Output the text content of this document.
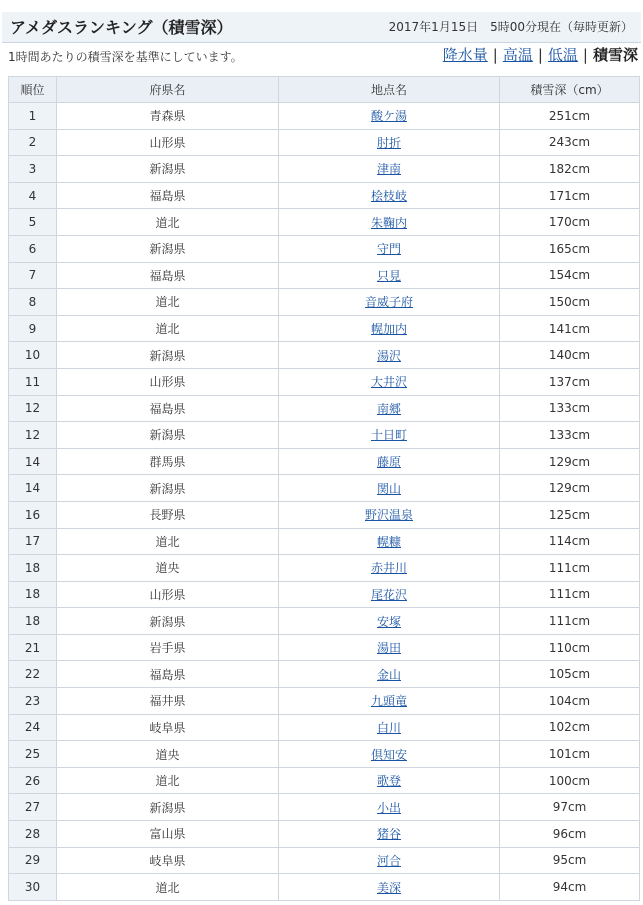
アメダスランキング（積雪深）	2017年1月15日　5時00分現在（毎時更新）
1時間あたりの積雪深を基準にしています。	降水量 | 高温 | 低温 | 積雪深
順位	府県名	地点名	積雪深（cm）
1	青森県	酸ケ湯	251cm
2	山形県	肘折	243cm
3	新潟県	津南	182cm
4	福島県	桧枝岐	171cm
5	道北	朱鞠内	170cm
6	新潟県	守門	165cm
7	福島県	只見	154cm
8	道北	音威子府	150cm
9	道北	幌加内	141cm
10	新潟県	湯沢	140cm
11	山形県	大井沢	137cm
12	福島県	南郷	133cm
12	新潟県	十日町	133cm
14	群馬県	藤原	129cm
14	新潟県	関山	129cm
16	長野県	野沢温泉	125cm
17	道北	幌糠	114cm
18	道央	赤井川	111cm
18	山形県	尾花沢	111cm
18	新潟県	安塚	111cm
21	岩手県	湯田	110cm
22	福島県	金山	105cm
23	福井県	九頭竜	104cm
24	岐阜県	白川	102cm
25	道央	倶知安	101cm
26	道北	歌登	100cm
27	新潟県	小出	97cm
28	富山県	猪谷	96cm
29	岐阜県	河合	95cm
30	道北	美深	94cm
